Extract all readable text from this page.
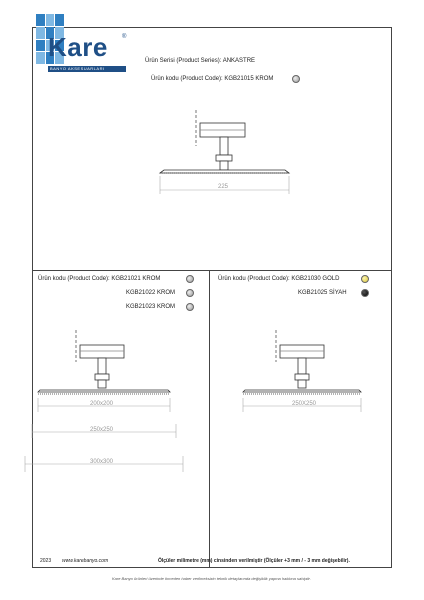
Kare ®
BANYO AKSESUARLARI
Ürün Serisi (Product Series): ANKASTRE
Ürün kodu (Product Code): KGB21015 KROM
225
Ürün kodu (Product Code): KGB21021 KROM
KGB21022 KROM
KGB21023 KROM
200x200
250x250
300x300
Ürün kodu (Product Code): KGB21030 GOLD
KGB21025 SİYAH
250X250
2023 www.karebanyo.com	Ölçüler milimetre (mm) cinsinden verilmiştir (Ölçüler +3 mm / - 3 mm değişebilir).
Kare Banyo ürünleri üzerinde önceden haber verilmeksizin teknik detaylarında değişiklik yapma hakkına sahiptir.
